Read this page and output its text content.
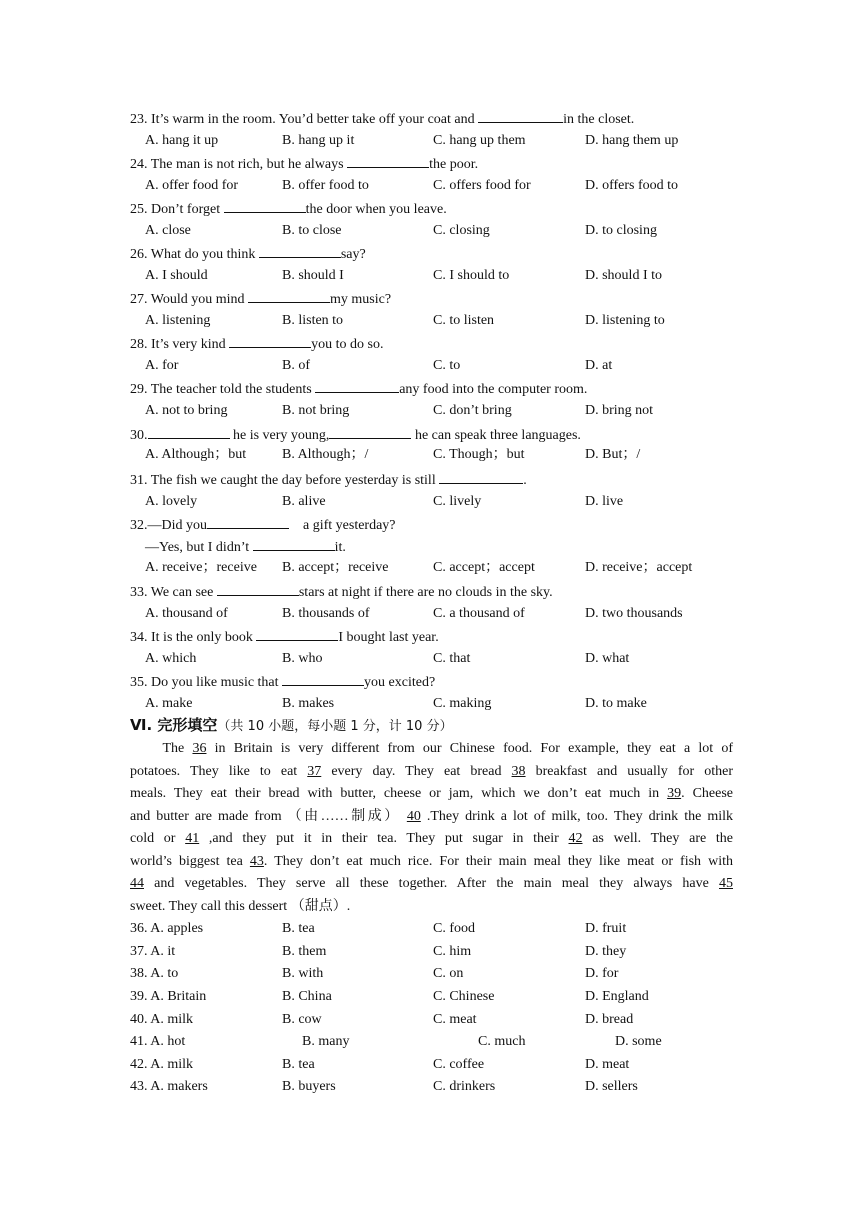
23. It’s warm in the room. You’d better take off your coat and	in the closet.
A. hang it up	B. hang up it	C. hang up them	D. hang them up
24. The man is not rich, but he always	the poor.
A. offer food for	B. offer food to	C. offers food for	D. offers food to
25. Don’t forget	the door when you leave.
A. close	B. to close	C. closing	D. to closing
26. What do you think	say?
A. I should	B. should I	C. I should to	D. should I to
27. Would you mind	my music?
A. listening	B. listen to	C. to listen	D. listening to
28. It’s very kind	you to do so.
A. for	B. of	C. to	D. at
29. The teacher told the students	any food into the computer room.
A. not to bring	B. not bring	C. don’t bring	D. bring not
30.	he is very young,	he can speak three languages.
A. Although；but	B. Although；/	C. Though；but	D. But；/
31. The fish we caught the day before yesterday is still	.
A. lovely	B. alive	C. lively	D. live
32.—Did you	a gift yesterday?
—Yes, but I didn’t	it.
A. receive；receive B. accept；receive	C. accept；accept	D. receive；accept
33. We can see	stars at night if there are no clouds in the sky.
A. thousand of	B. thousands of	C. a thousand of	D. two thousands
34. It is the only book	I bought last year.
A. which	B. who	C. that	D. what
35. Do you like music that	you excited?
A. make	B. makes	C. making	D. to make
Ⅵ. 完形填空（共 10 小题，每小题 1 分，计 10 分）
The 36 in Britain is very different from our Chinese food. For example, they eat a lot of
potatoes. They like to eat 37 every day. They eat bread 38 breakfast and usually for other
meals. They eat their bread with butter, cheese or jam, which we don’t eat much in 39. Cheese
and butter are made from （由……制成） 40 .They drink a lot of milk, too. They drink the milk
cold or 41 ,and they put it in their tea. They put sugar in their 42 as well. They are the
world’s biggest tea 43. They don’t eat much rice. For their main meal they like meat or fish with
44 and vegetables. They serve all these together. After the main meal they always have 45
sweet. They call this dessert （甜点）.
36. A. apples	B. tea	C. food	D. fruit
37. A. it	B. them	C. him	D. they
38. A. to	B. with	C. on	D. for
39. A. Britain	B. China	C. Chinese	D. England
40. A. milk	B. cow	C. meat	D. bread
41. A. hot	B. many	C. much	D. some
42. A. milk	B. tea	C. coffee	D. meat
43. A. makers	B. buyers	C. drinkers	D. sellers
